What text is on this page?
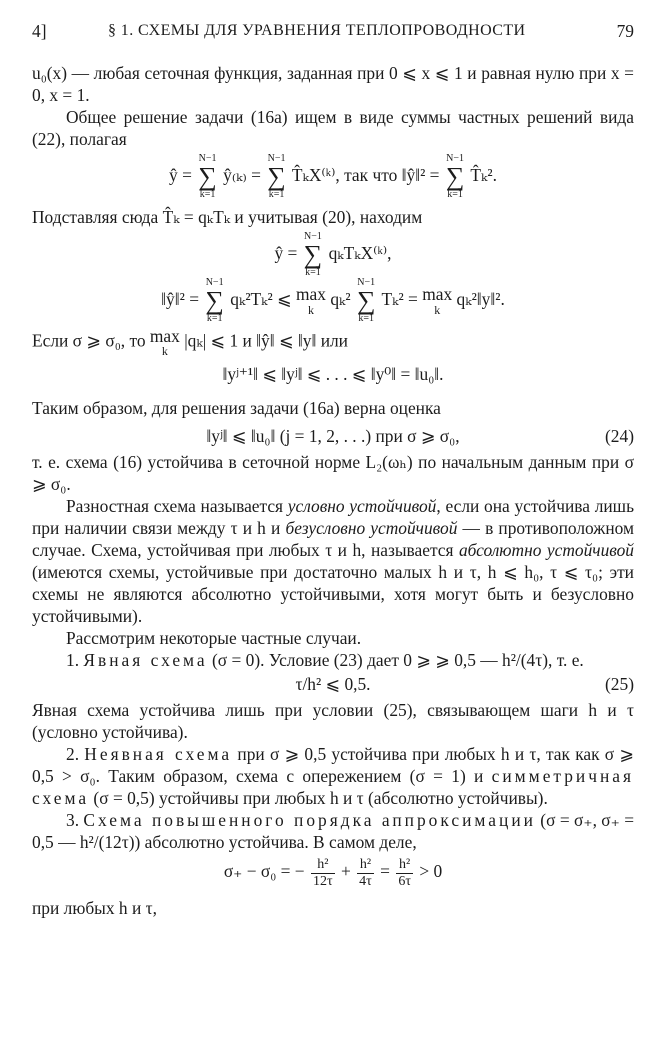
4]	§ 1. СХЕМЫ ДЛЯ УРАВНЕНИЯ ТЕПЛОПРОВОДНОСТИ	79

u₀(x) — любая сеточная функция, заданная при 0 ⩽ x ⩽ 1 и равная нулю при x = 0, x = 1.

Общее решение задачи (16а) ищем в виде суммы частных решений вида (22), полагая

ŷ =
N−1
∑
k=1
ŷ₍ₖ₎ =
N−1
∑
k=1
T̂ₖX⁽ᵏ⁾, так что ‖ŷ‖² =
N−1
∑
k=1
T̂ₖ².

Подставляя сюда T̂ₖ = qₖTₖ и учитывая (20), находим

ŷ =
N−1
∑
k=1
qₖTₖX⁽ᵏ⁾,
‖ŷ‖² =
N−1
∑
k=1
qₖ²Tₖ² ⩽ max
k
qₖ²
N−1
∑
k=1
Tₖ² = max
k
qₖ²‖y‖².

Если σ ⩾ σ₀, то max
k
|qₖ| ⩽ 1 и ‖ŷ‖ ⩽ ‖y‖ или

‖yʲ⁺¹‖ ⩽ ‖yʲ‖ ⩽ . . . ⩽ ‖y⁰‖ = ‖u₀‖.

Таким образом, для решения задачи (16а) верна оценка

‖yʲ‖ ⩽ ‖u₀‖ (j = 1, 2, . . .) при σ ⩾ σ₀,	(24)

т. е. схема (16) устойчива в сеточной норме L₂(ωₕ) по начальным данным при σ ⩾ σ₀.

Разностная схема называется условно устойчивой, если она устойчива лишь при наличии связи между τ и h и безусловно устойчивой — в противоположном случае. Схема, устойчивая при любых τ и h, называется абсолютно устойчивой (имеются схемы, устойчивые при достаточно малых h и τ, h ⩽ h₀, τ ⩽ τ₀; эти схемы не являются абсолютно устойчивыми, хотя могут быть и безусловно устойчивыми).

Рассмотрим некоторые частные случаи.

1. Явная схема (σ = 0). Условие (23) дает 0 ⩾ ⩾ 0,5 — h²/(4τ), т. е.

τ/h² ⩽ 0,5.	(25)

Явная схема устойчива лишь при условии (25), связывающем шаги h и τ (условно устойчива).

2. Неявная схема при σ ⩾ 0,5 устойчива при любых h и τ, так как σ ⩾ 0,5 > σ₀. Таким образом, схема с опережением (σ = 1) и симметричная схема (σ = 0,5) устойчивы при любых h и τ (абсолютно устойчивы).

3. Схема повышенного порядка аппроксимации (σ = σ₊, σ₊ = 0,5 — h²/(12τ)) абсолютно устойчива. В самом деле,

σ₊ − σ₀ = − $\frac{\text{h²}}{12\tau} + \frac{\text{h²}}{4\tau} = \frac{\text{h²}}{6\tau} > 0$

при любых h и τ,
